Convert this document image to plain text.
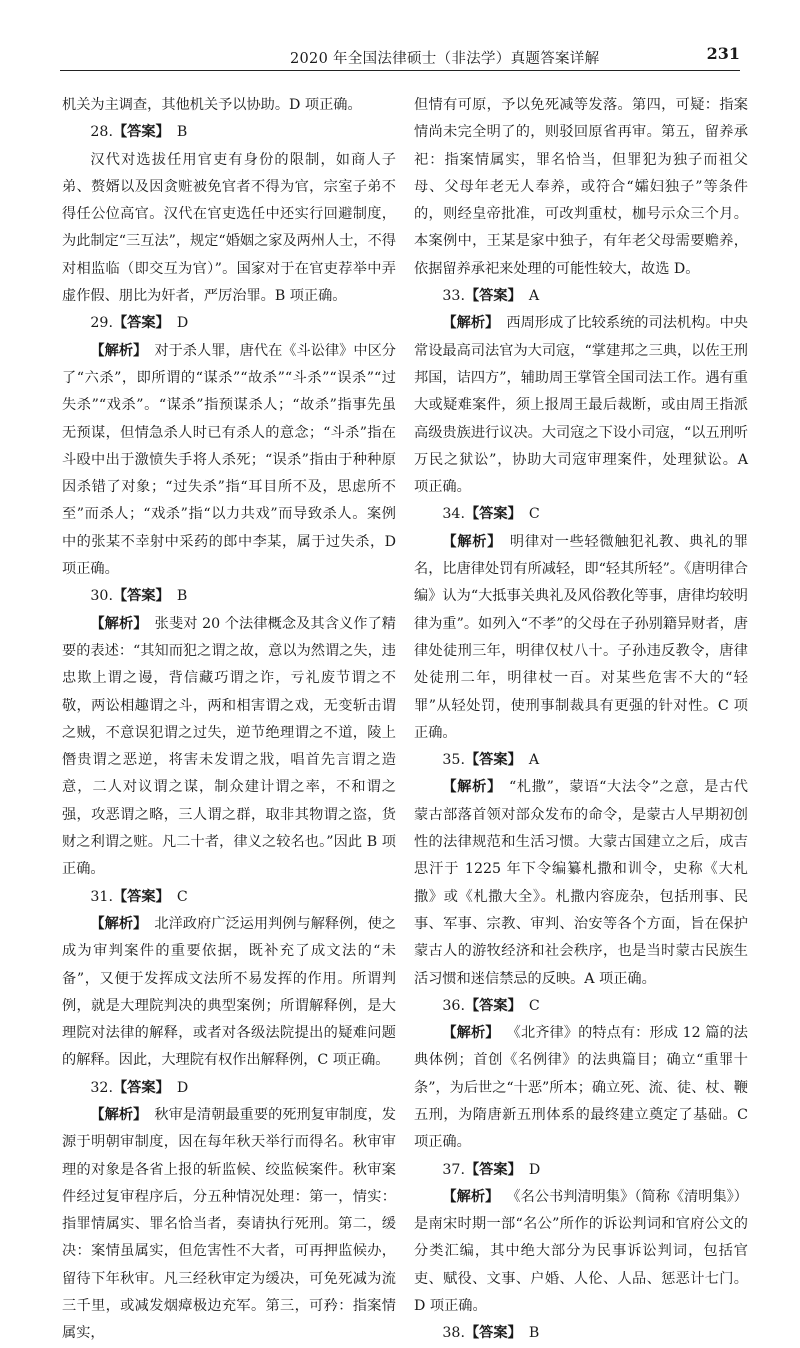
2020 年全国法律硕士（非法学）真题答案详解	231

机关为主调查，其他机关予以协助。D 项正确。

28.【答案】  B

汉代对选拔任用官吏有身份的限制，如商人子弟、赘婿以及因贪赃被免官者不得为官，宗室子弟不得任公位高官。汉代在官吏选任中还实行回避制度，为此制定“三互法”，规定“婚姻之家及两州人士，不得对相监临（即交互为官）”。国家对于在官吏荐举中弄虚作假、朋比为奸者，严厉治罪。B 项正确。

29.【答案】  D

【解析】  对于杀人罪，唐代在《斗讼律》中区分了“六杀”，即所谓的“谋杀”“故杀”“斗杀”“误杀”“过失杀”“戏杀”。“谋杀”指预谋杀人；“故杀”指事先虽无预谋，但情急杀人时已有杀人的意念；“斗杀”指在斗殴中出于激愤失手将人杀死；“误杀”指由于种种原因杀错了对象；“过失杀”指“耳目所不及，思虑所不至”而杀人；“戏杀”指“以力共戏”而导致杀人。案例中的张某不幸射中采药的郎中李某，属于过失杀，D 项正确。

30.【答案】  B

【解析】  张斐对 20 个法律概念及其含义作了精要的表述：“其知而犯之谓之故，意以为然谓之失，违忠欺上谓之谩，背信藏巧谓之诈，亏礼废节谓之不敬，两讼相趣谓之斗，两和相害谓之戏，无变斩击谓之贼，不意误犯谓之过失，逆节绝理谓之不道，陵上僭贵谓之恶逆，将害未发谓之戕，唱首先言谓之造意，二人对议谓之谋，制众建计谓之率，不和谓之强，攻恶谓之略，三人谓之群，取非其物谓之盗，货财之利谓之赃。凡二十者，律义之较名也。”因此 B 项正确。

31.【答案】  C

【解析】  北洋政府广泛运用判例与解释例，使之成为审判案件的重要依据，既补充了成文法的“未备”，又便于发挥成文法所不易发挥的作用。所谓判例，就是大理院判决的典型案例；所谓解释例，是大理院对法律的解释，或者对各级法院提出的疑难问题的解释。因此，大理院有权作出解释例，C 项正确。

32.【答案】  D

【解析】  秋审是清朝最重要的死刑复审制度，发源于明朝审制度，因在每年秋天举行而得名。秋审审理的对象是各省上报的斩监候、绞监候案件。秋审案件经过复审程序后，分五种情况处理：第一，情实：指罪情属实、罪名恰当者，奏请执行死刑。第二，缓决：案情虽属实，但危害性不大者，可再押监候办，留待下年秋审。凡三经秋审定为缓决，可免死减为流三千里，或减发烟瘴极边充军。第三，可矜：指案情属实，

但情有可原，予以免死减等发落。第四，可疑：指案情尚未完全明了的，则驳回原省再审。第五，留养承祀：指案情属实，罪名恰当，但罪犯为独子而祖父母、父母年老无人奉养，或符合“孀妇独子”等条件的，则经皇帝批准，可改判重杖，枷号示众三个月。本案例中，王某是家中独子，有年老父母需要赡养，依据留养承祀来处理的可能性较大，故选 D。

33.【答案】  A

【解析】  西周形成了比较系统的司法机构。中央常设最高司法官为大司寇，“掌建邦之三典，以佐王刑邦国，诘四方”，辅助周王掌管全国司法工作。遇有重大或疑难案件，须上报周王最后裁断，或由周王指派高级贵族进行议决。大司寇之下设小司寇，“以五刑听万民之狱讼”，协助大司寇审理案件，处理狱讼。A 项正确。

34.【答案】  C

【解析】  明律对一些轻微触犯礼教、典礼的罪名，比唐律处罚有所减轻，即“轻其所轻”。《唐明律合编》认为“大抵事关典礼及风俗教化等事，唐律均较明律为重”。如列入“不孝”的父母在子孙别籍异财者，唐律处徒刑三年，明律仅杖八十。子孙违反教令，唐律处徒刑二年，明律杖一百。对某些危害不大的“轻罪”从轻处罚，使刑事制裁具有更强的针对性。C 项正确。

35.【答案】  A

【解析】  “札撒”，蒙语“大法令”之意，是古代蒙古部落首领对部众发布的命令，是蒙古人早期初创性的法律规范和生活习惯。大蒙古国建立之后，成吉思汗于 1225 年下令编纂札撒和训令，史称《大札撒》或《札撒大全》。札撒内容庞杂，包括刑事、民事、军事、宗教、审判、治安等各个方面，旨在保护蒙古人的游牧经济和社会秩序，也是当时蒙古民族生活习惯和迷信禁忌的反映。A 项正确。

36.【答案】  C

【解析】  《北齐律》的特点有：形成 12 篇的法典体例；首创《名例律》的法典篇目；确立“重罪十条”，为后世之“十恶”所本；确立死、流、徒、杖、鞭五刑，为隋唐新五刑体系的最终建立奠定了基础。C 项正确。

37.【答案】  D

【解析】  《名公书判清明集》（简称《清明集》）是南宋时期一部“名公”所作的诉讼判词和官府公文的分类汇编，其中绝大部分为民事诉讼判词，包括官吏、赋役、文事、户婚、人伦、人品、惩恶计七门。D 项正确。

38.【答案】  B
